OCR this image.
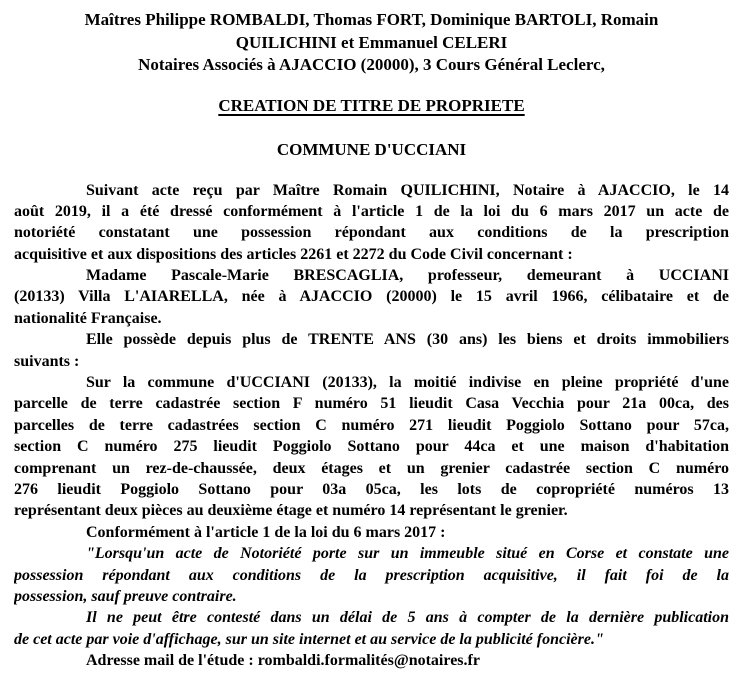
Maîtres Philippe ROMBALDI, Thomas FORT, Dominique BARTOLI, Romain
QUILICHINI et Emmanuel CELERI
Notaires Associés à AJACCIO (20000), 3 Cours Général Leclerc,
CREATION DE TITRE DE PROPRIETE
COMMUNE D'UCCIANI

Suivant acte reçu par Maître Romain QUILICHINI, Notaire à AJACCIO, le 14
août 2019, il a été dressé conformément à l'article 1 de la loi du 6 mars 2017 un acte de
notoriété constatant une possession répondant aux conditions de la prescription
acquisitive et aux dispositions des articles 2261 et 2272 du Code Civil concernant :

Madame Pascale-Marie BRESCAGLIA, professeur, demeurant à UCCIANI
(20133) Villa L'AIARELLA, née à AJACCIO (20000) le 15 avril 1966, célibataire et de
nationalité Française.

Elle possède depuis plus de TRENTE ANS (30 ans) les biens et droits immobiliers
suivants :

Sur la commune d'UCCIANI (20133), la moitié indivise en pleine propriété d'une
parcelle de terre cadastrée section F numéro 51 lieudit Casa Vecchia pour 21a 00ca, des
parcelles de terre cadastrées section C numéro 271 lieudit Poggiolo Sottano pour 57ca,
section C numéro 275 lieudit Poggiolo Sottano pour 44ca et une maison d'habitation
comprenant un rez-de-chaussée, deux étages et un grenier cadastrée section C numéro
276 lieudit Poggiolo Sottano pour 03a 05ca, les lots de copropriété numéros 13
représentant deux pièces au deuxième étage et numéro 14 représentant le grenier.

Conformément à l'article 1 de la loi du 6 mars 2017 :

"Lorsqu'un acte de Notoriété porte sur un immeuble situé en Corse et constate une
possession répondant aux conditions de la prescription acquisitive, il fait foi de la
possession, sauf preuve contraire.

Il ne peut être contesté dans un délai de 5 ans à compter de la dernière publication
de cet acte par voie d'affichage, sur un site internet et au service de la publicité foncière."

Adresse mail de l'étude : rombaldi.formalités@notaires.fr
